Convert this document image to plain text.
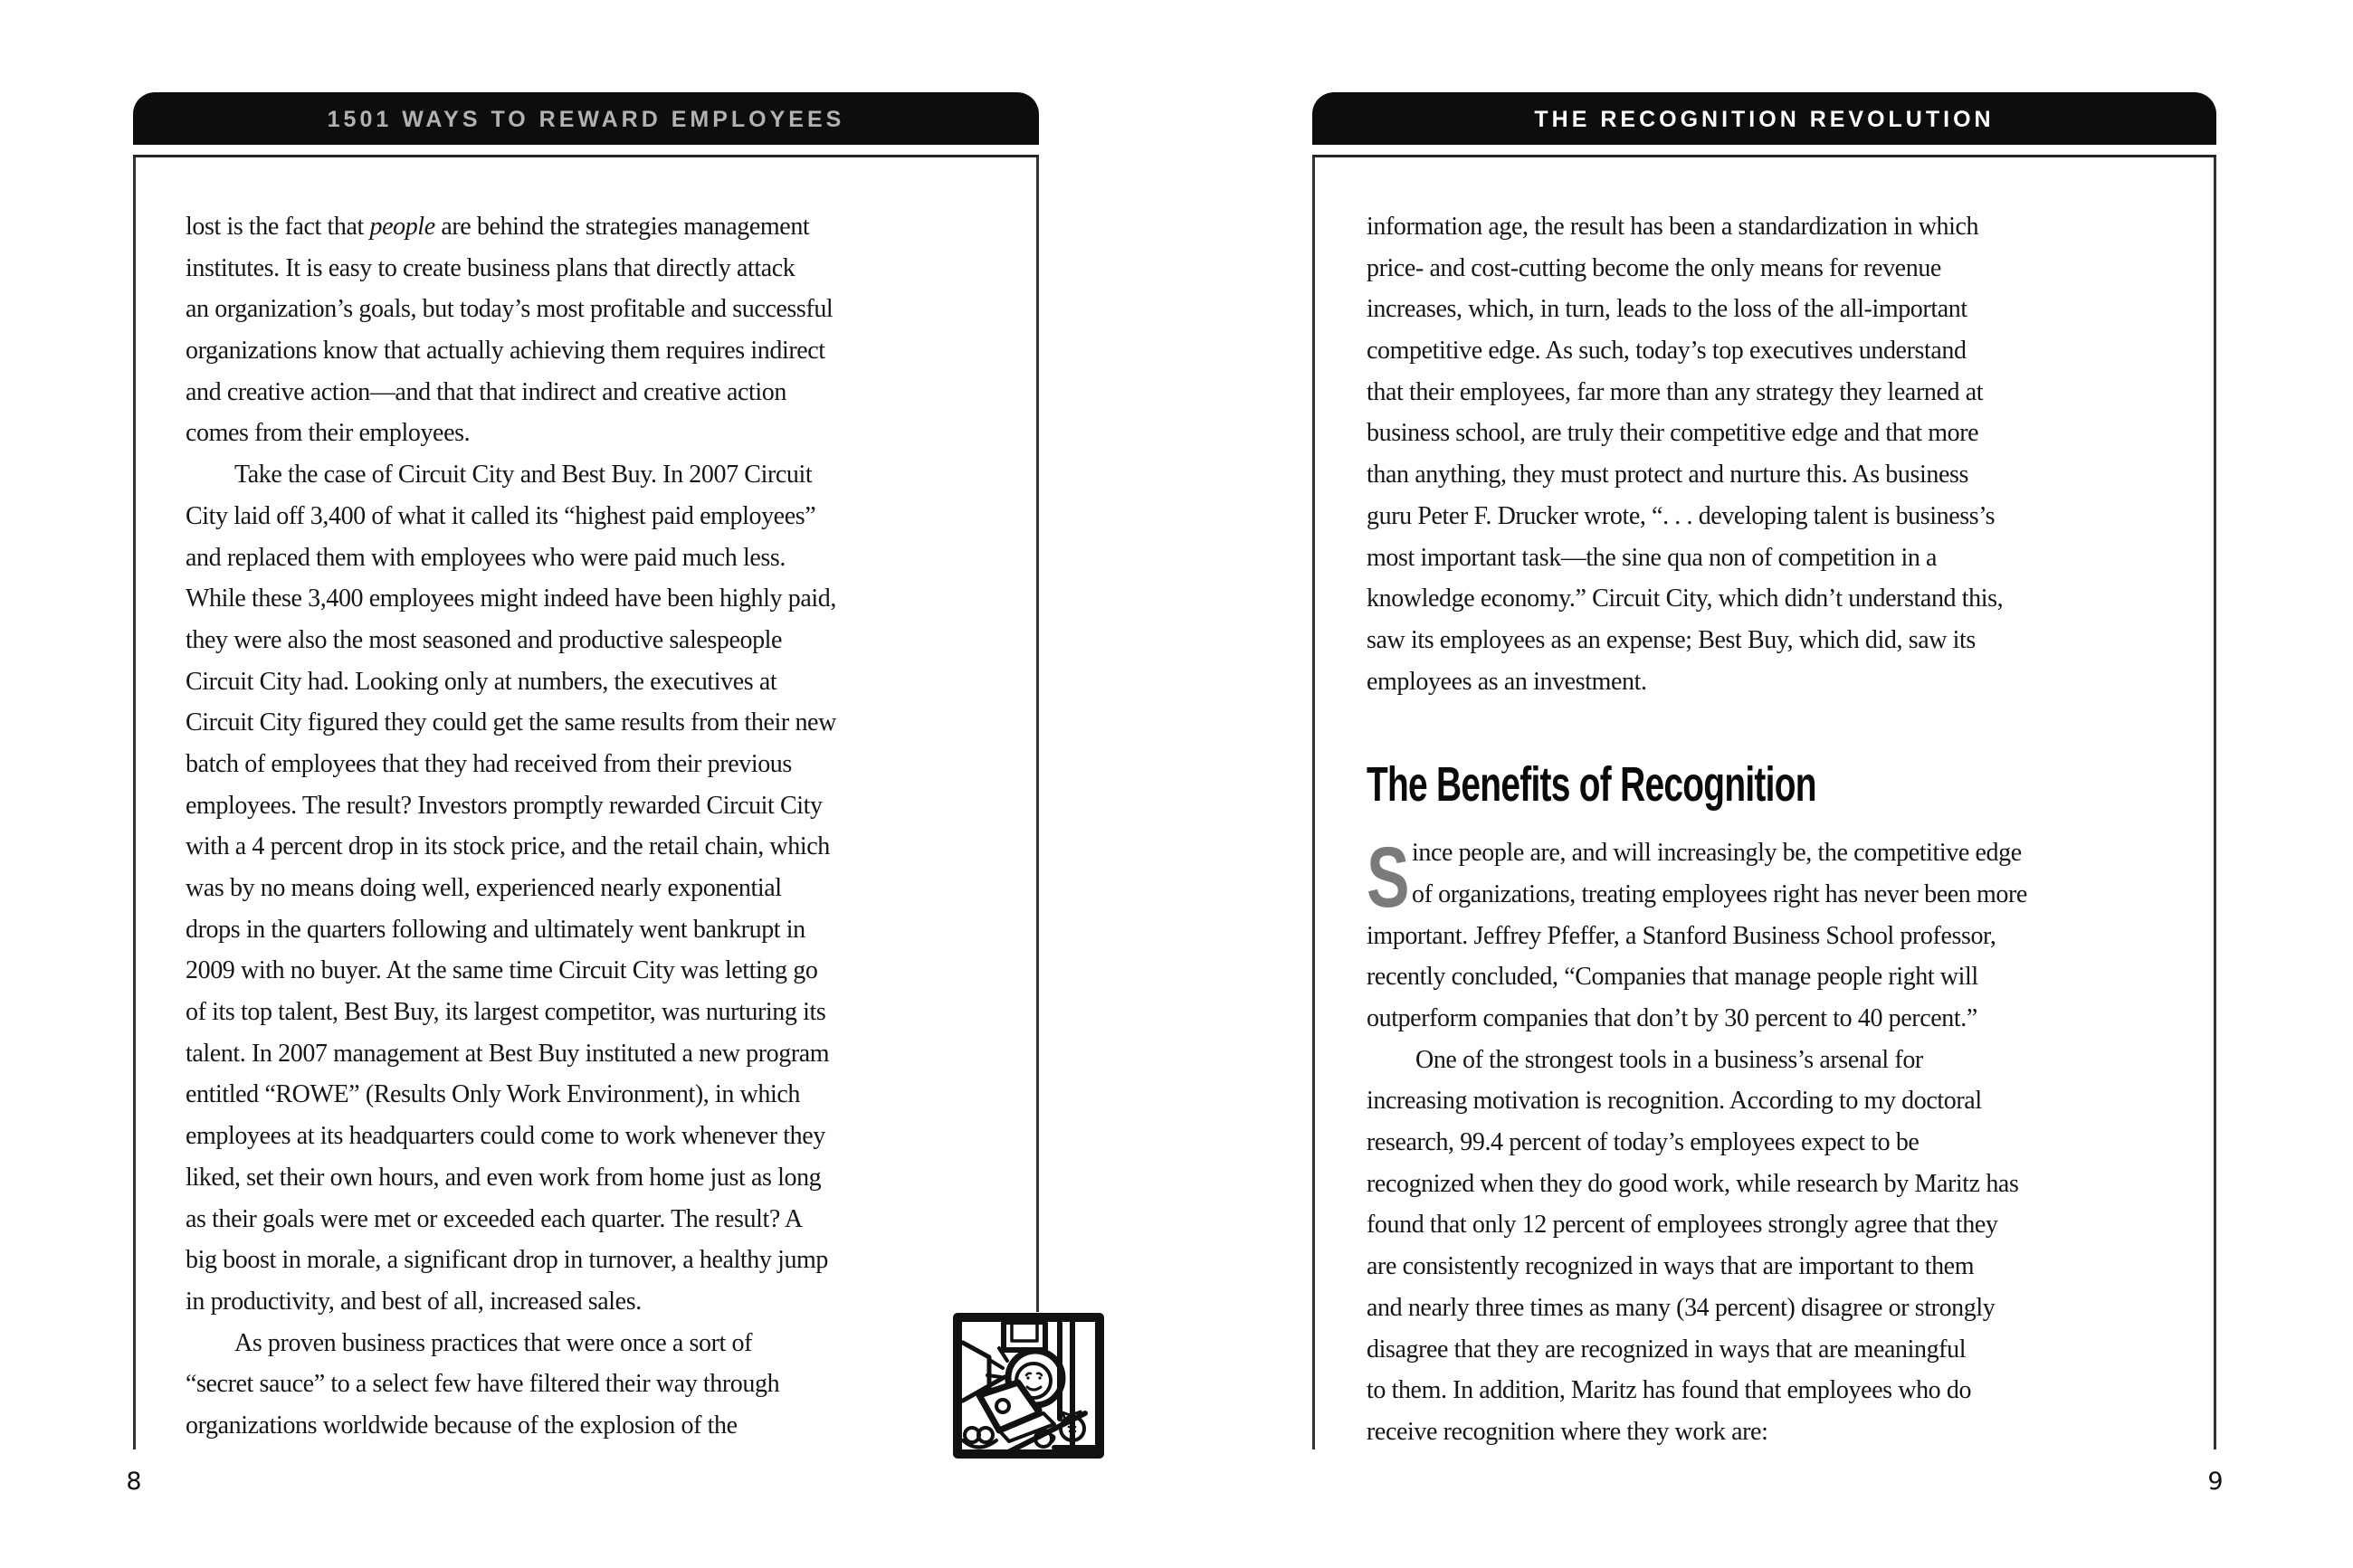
1501 WAYS TO REWARD EMPLOYEES
8
THE RECOGNITION REVOLUTION
9
lost is the fact that people are behind the strategies management
institutes. It is easy to create business plans that directly attack
an organization’s goals, but today’s most profitable and successful
organizations know that actually achieving them requires indirect
and creative action—and that that indirect and creative action
comes from their employees.
Take the case of Circuit City and Best Buy. In 2007 Circuit
City laid off 3,400 of what it called its “highest paid employees”
and replaced them with employees who were paid much less.
While these 3,400 employees might indeed have been highly paid,
they were also the most seasoned and productive salespeople
Circuit City had. Looking only at numbers, the executives at
Circuit City figured they could get the same results from their new
batch of employees that they had received from their previous
employees. The result? Investors promptly rewarded Circuit City
with a 4 percent drop in its stock price, and the retail chain, which
was by no means doing well, experienced nearly exponential
drops in the quarters following and ultimately went bankrupt in
2009 with no buyer. At the same time Circuit City was letting go
of its top talent, Best Buy, its largest competitor, was nurturing its
talent. In 2007 management at Best Buy instituted a new program
entitled “ROWE” (Results Only Work Environment), in which
employees at its headquarters could come to work whenever they
liked, set their own hours, and even work from home just as long
as their goals were met or exceeded each quarter. The result? A
big boost in morale, a significant drop in turnover, a healthy jump
in productivity, and best of all, increased sales.
As proven business practices that were once a sort of
“secret sauce” to a select few have filtered their way through
organizations worldwide because of the explosion of the
information age, the result has been a standardization in which
price- and cost-cutting become the only means for revenue
increases, which, in turn, leads to the loss of the all-important
competitive edge. As such, today’s top executives understand
that their employees, far more than any strategy they learned at
business school, are truly their competitive edge and that more
than anything, they must protect and nurture this. As business
guru Peter F. Drucker wrote, “. . . developing talent is business’s
most important task—the sine qua non of competition in a
knowledge economy.” Circuit City, which didn’t understand this,
saw its employees as an expense; Best Buy, which did, saw its
employees as an investment.
The Benefits of Recognition
S ince people are, and will increasingly be, the competitive edge
of organizations, treating employees right has never been more
important. Jeffrey Pfeffer, a Stanford Business School professor,
recently concluded, “Companies that manage people right will
outperform companies that don’t by 30 percent to 40 percent.”
One of the strongest tools in a business’s arsenal for
increasing motivation is recognition. According to my doctoral
research, 99.4 percent of today’s employees expect to be
recognized when they do good work, while research by Maritz has
found that only 12 percent of employees strongly agree that they
are consistently recognized in ways that are important to them
and nearly three times as many (34 percent) disagree or strongly
disagree that they are recognized in ways that are meaningful
to them. In addition, Maritz has found that employees who do
receive recognition where they work are:
